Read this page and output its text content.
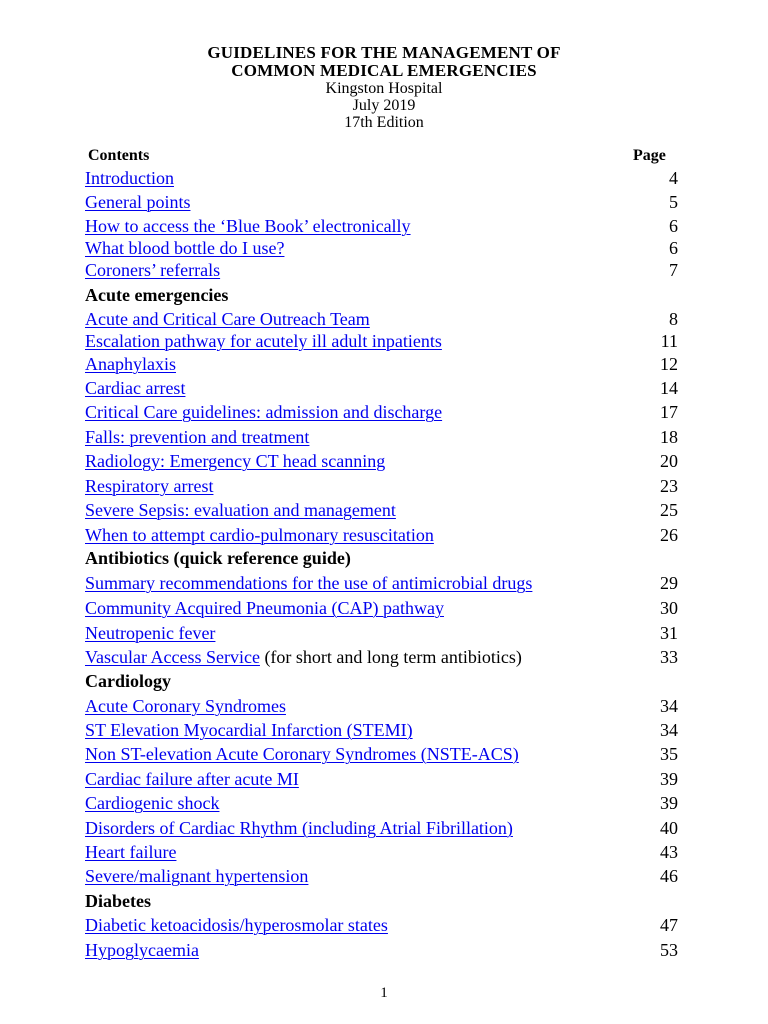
GUIDELINES FOR THE MANAGEMENT OF
COMMON MEDICAL EMERGENCIES
Kingston Hospital
July 2019
17th Edition
Contents	Page
Introduction	4
General points	5
How to access the ‘Blue Book’ electronically	6
What blood bottle do I use?	6
Coroners’ referrals	7
Acute emergencies
Acute and Critical Care Outreach Team	8
Escalation pathway for acutely ill adult inpatients	11
Anaphylaxis	12
Cardiac arrest	14
Critical Care guidelines: admission and discharge	17
Falls: prevention and treatment	18
Radiology: Emergency CT head scanning	20
Respiratory arrest	23
Severe Sepsis: evaluation and management	25
When to attempt cardio-pulmonary resuscitation	26
Antibiotics (quick reference guide)
Summary recommendations for the use of antimicrobial drugs	29
Community Acquired Pneumonia (CAP) pathway	30
Neutropenic fever	31
Vascular Access Service (for short and long term antibiotics)	33
Cardiology
Acute Coronary Syndromes	34
ST Elevation Myocardial Infarction (STEMI)	34
Non ST-elevation Acute Coronary Syndromes (NSTE-ACS)	35
Cardiac failure after acute MI	39
Cardiogenic shock	39
Disorders of Cardiac Rhythm (including Atrial Fibrillation)	40
Heart failure	43
Severe/malignant hypertension	46
Diabetes
Diabetic ketoacidosis/hyperosmolar states	47
Hypoglycaemia	53
1
